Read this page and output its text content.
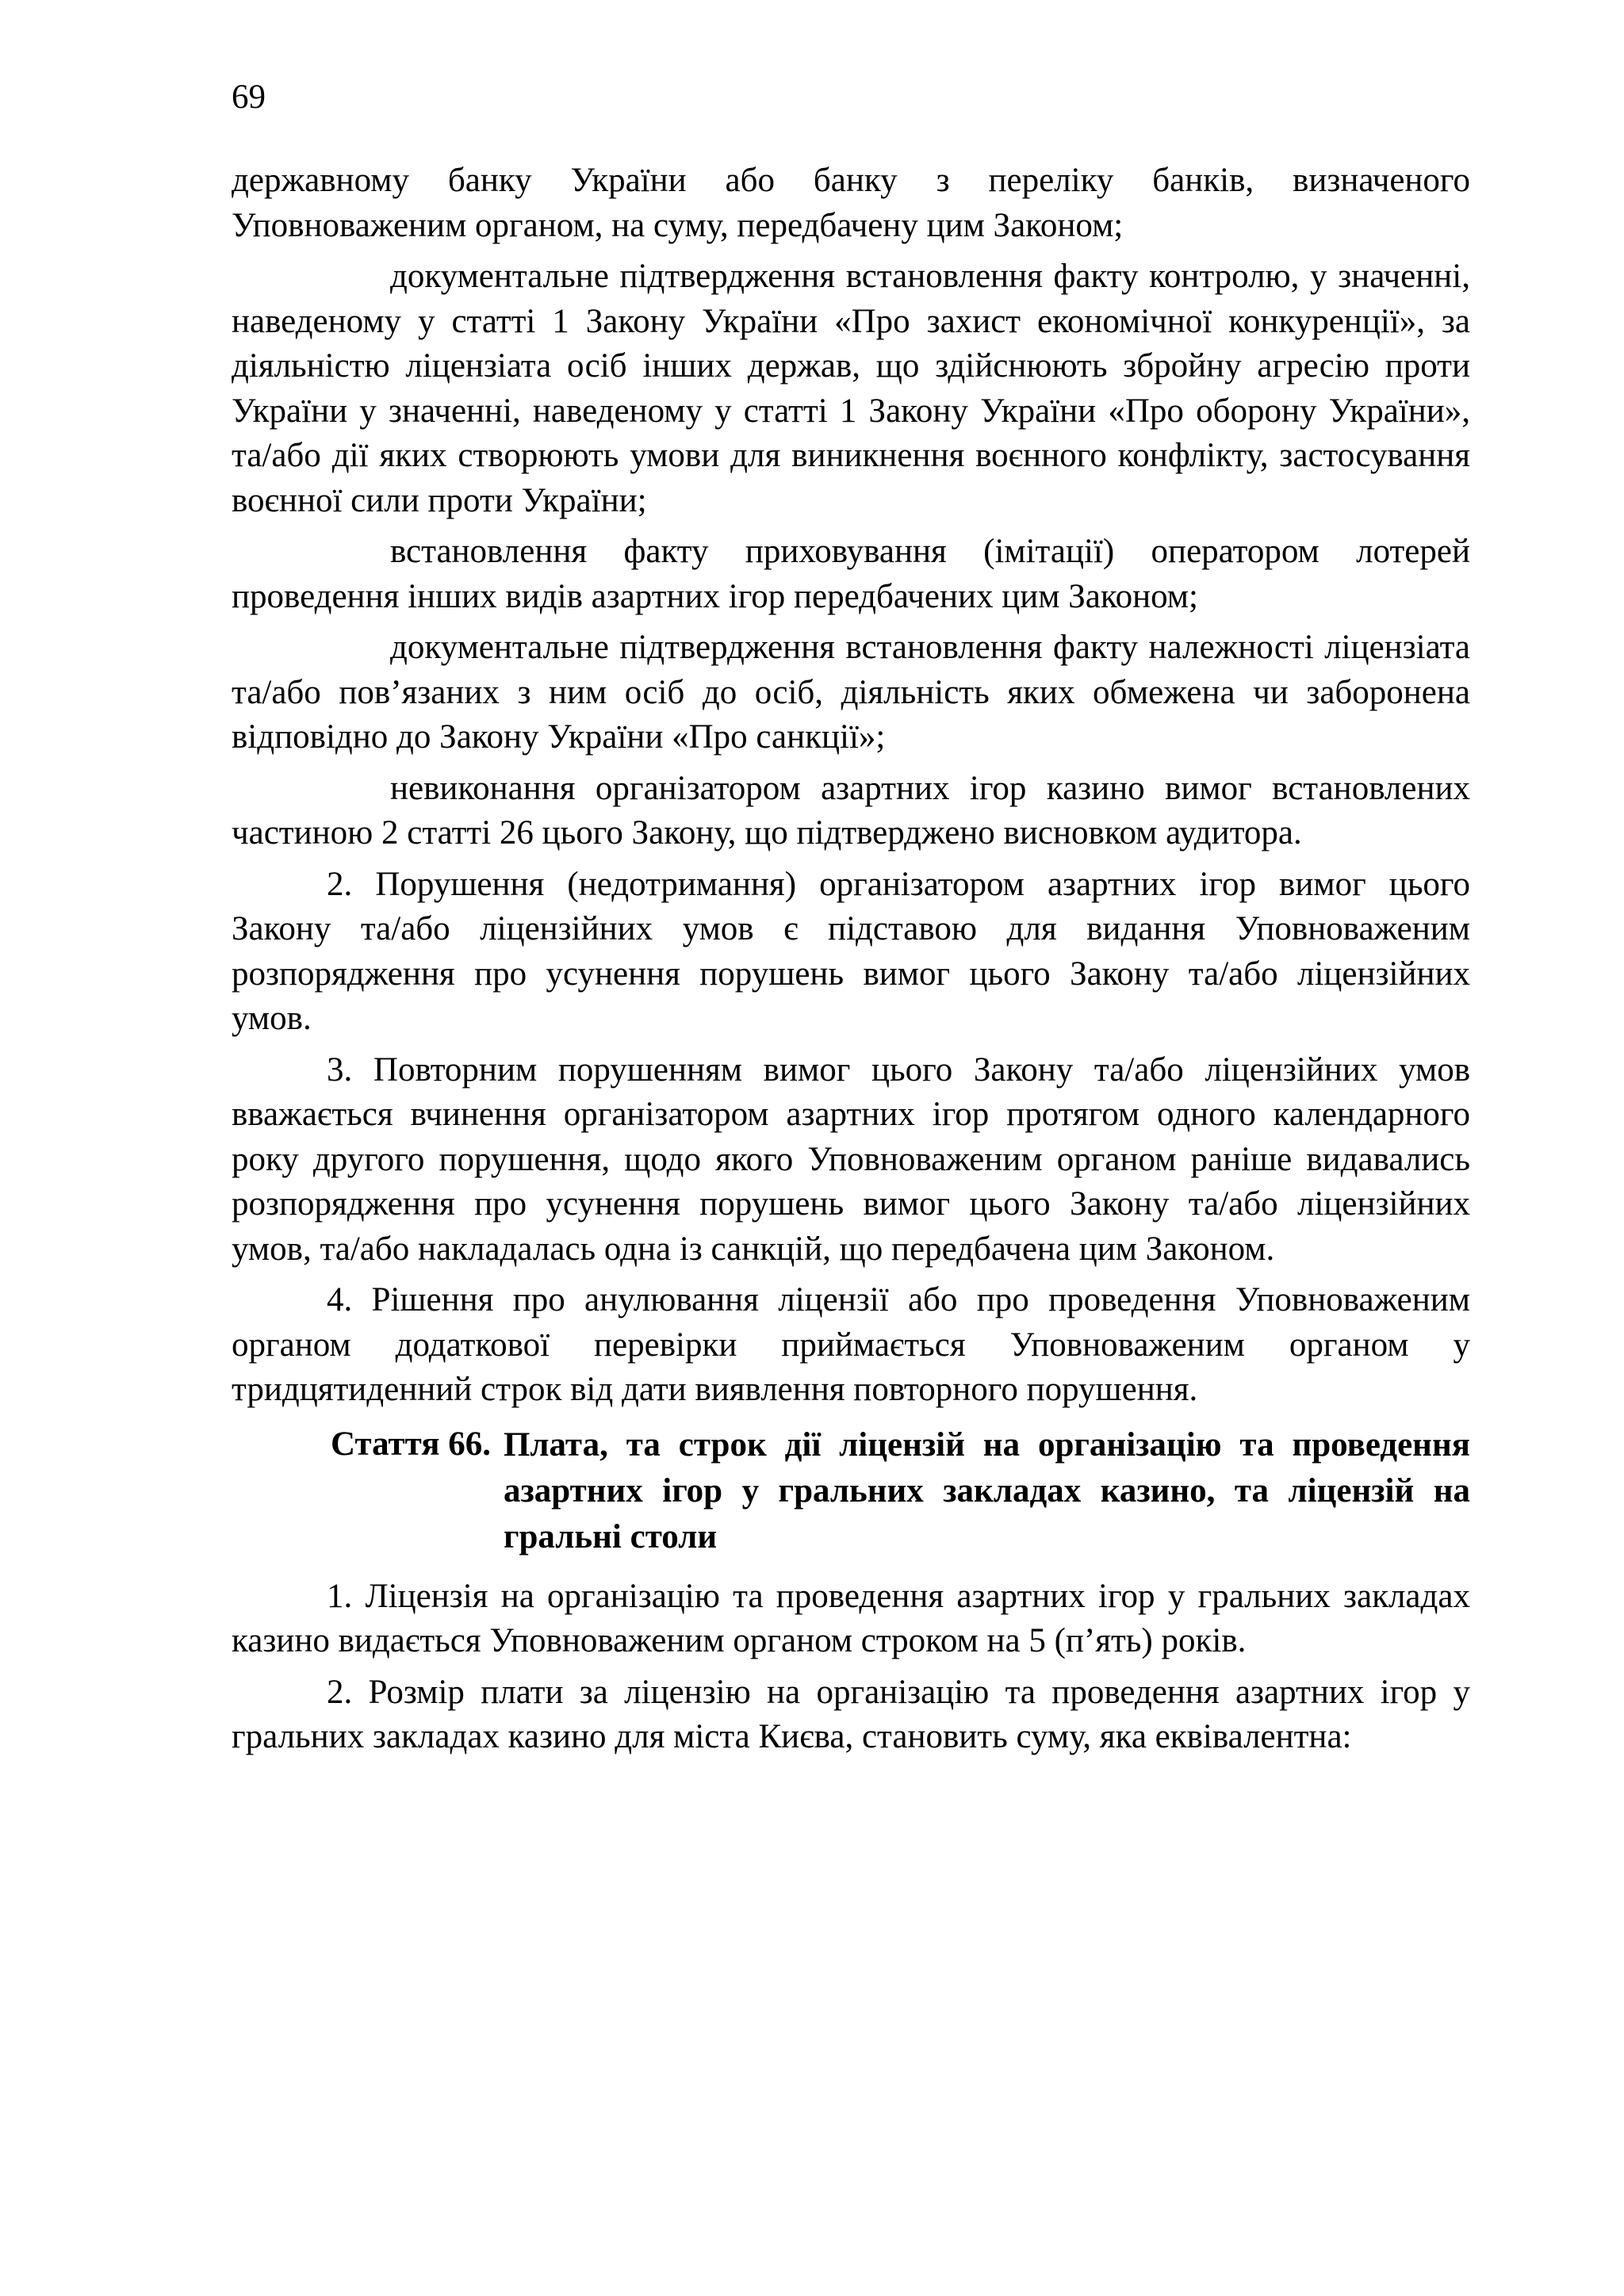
69

державному банку України або банку з переліку банків, визначеного Уповноваженим органом, на суму, передбачену цим Законом;

документальне підтвердження встановлення факту контролю, у значенні, наведеному у статті 1 Закону України «Про захист економічної конкуренції», за діяльністю ліцензіата осіб інших держав, що здійснюють збройну агресію проти України у значенні, наведеному у статті 1 Закону України «Про оборону України», та/або дії яких створюють умови для виникнення воєнного конфлікту, застосування воєнної сили проти України;

встановлення факту приховування (імітації) оператором лотерей проведення інших видів азартних ігор передбачених цим Законом;

документальне підтвердження встановлення факту належності ліцензіата та/або пов’язаних з ним осіб до осіб, діяльність яких обмежена чи заборонена відповідно до Закону України «Про санкції»;

невиконання організатором азартних ігор казино вимог встановлених частиною 2 статті 26 цього Закону, що підтверджено висновком аудитора.

2. Порушення (недотримання) організатором азартних ігор вимог цього Закону та/або ліцензійних умов є підставою для видання Уповноваженим розпорядження про усунення порушень вимог цього Закону та/або ліцензійних умов.

3. Повторним порушенням вимог цього Закону та/або ліцензійних умов вважається вчинення організатором азартних ігор протягом одного календарного року другого порушення, щодо якого Уповноваженим органом раніше видавались розпорядження про усунення порушень вимог цього Закону та/або ліцензійних умов, та/або накладалась одна із санкцій, що передбачена цим Законом.

4. Рішення про анулювання ліцензії або про проведення Уповноваженим органом додаткової перевірки приймається Уповноваженим органом у тридцятиденний строк від дати виявлення повторного порушення.

Стаття 66. Плата, та строк дії ліцензій на організацію та проведення азартних ігор у гральних закладах казино, та ліцензій на гральні столи

1. Ліцензія на організацію та проведення азартних ігор у гральних закладах казино видається Уповноваженим органом строком на 5 (п’ять) років.

2. Розмір плати за ліцензію на організацію та проведення азартних ігор у гральних закладах казино для міста Києва, становить суму, яка еквівалентна:
